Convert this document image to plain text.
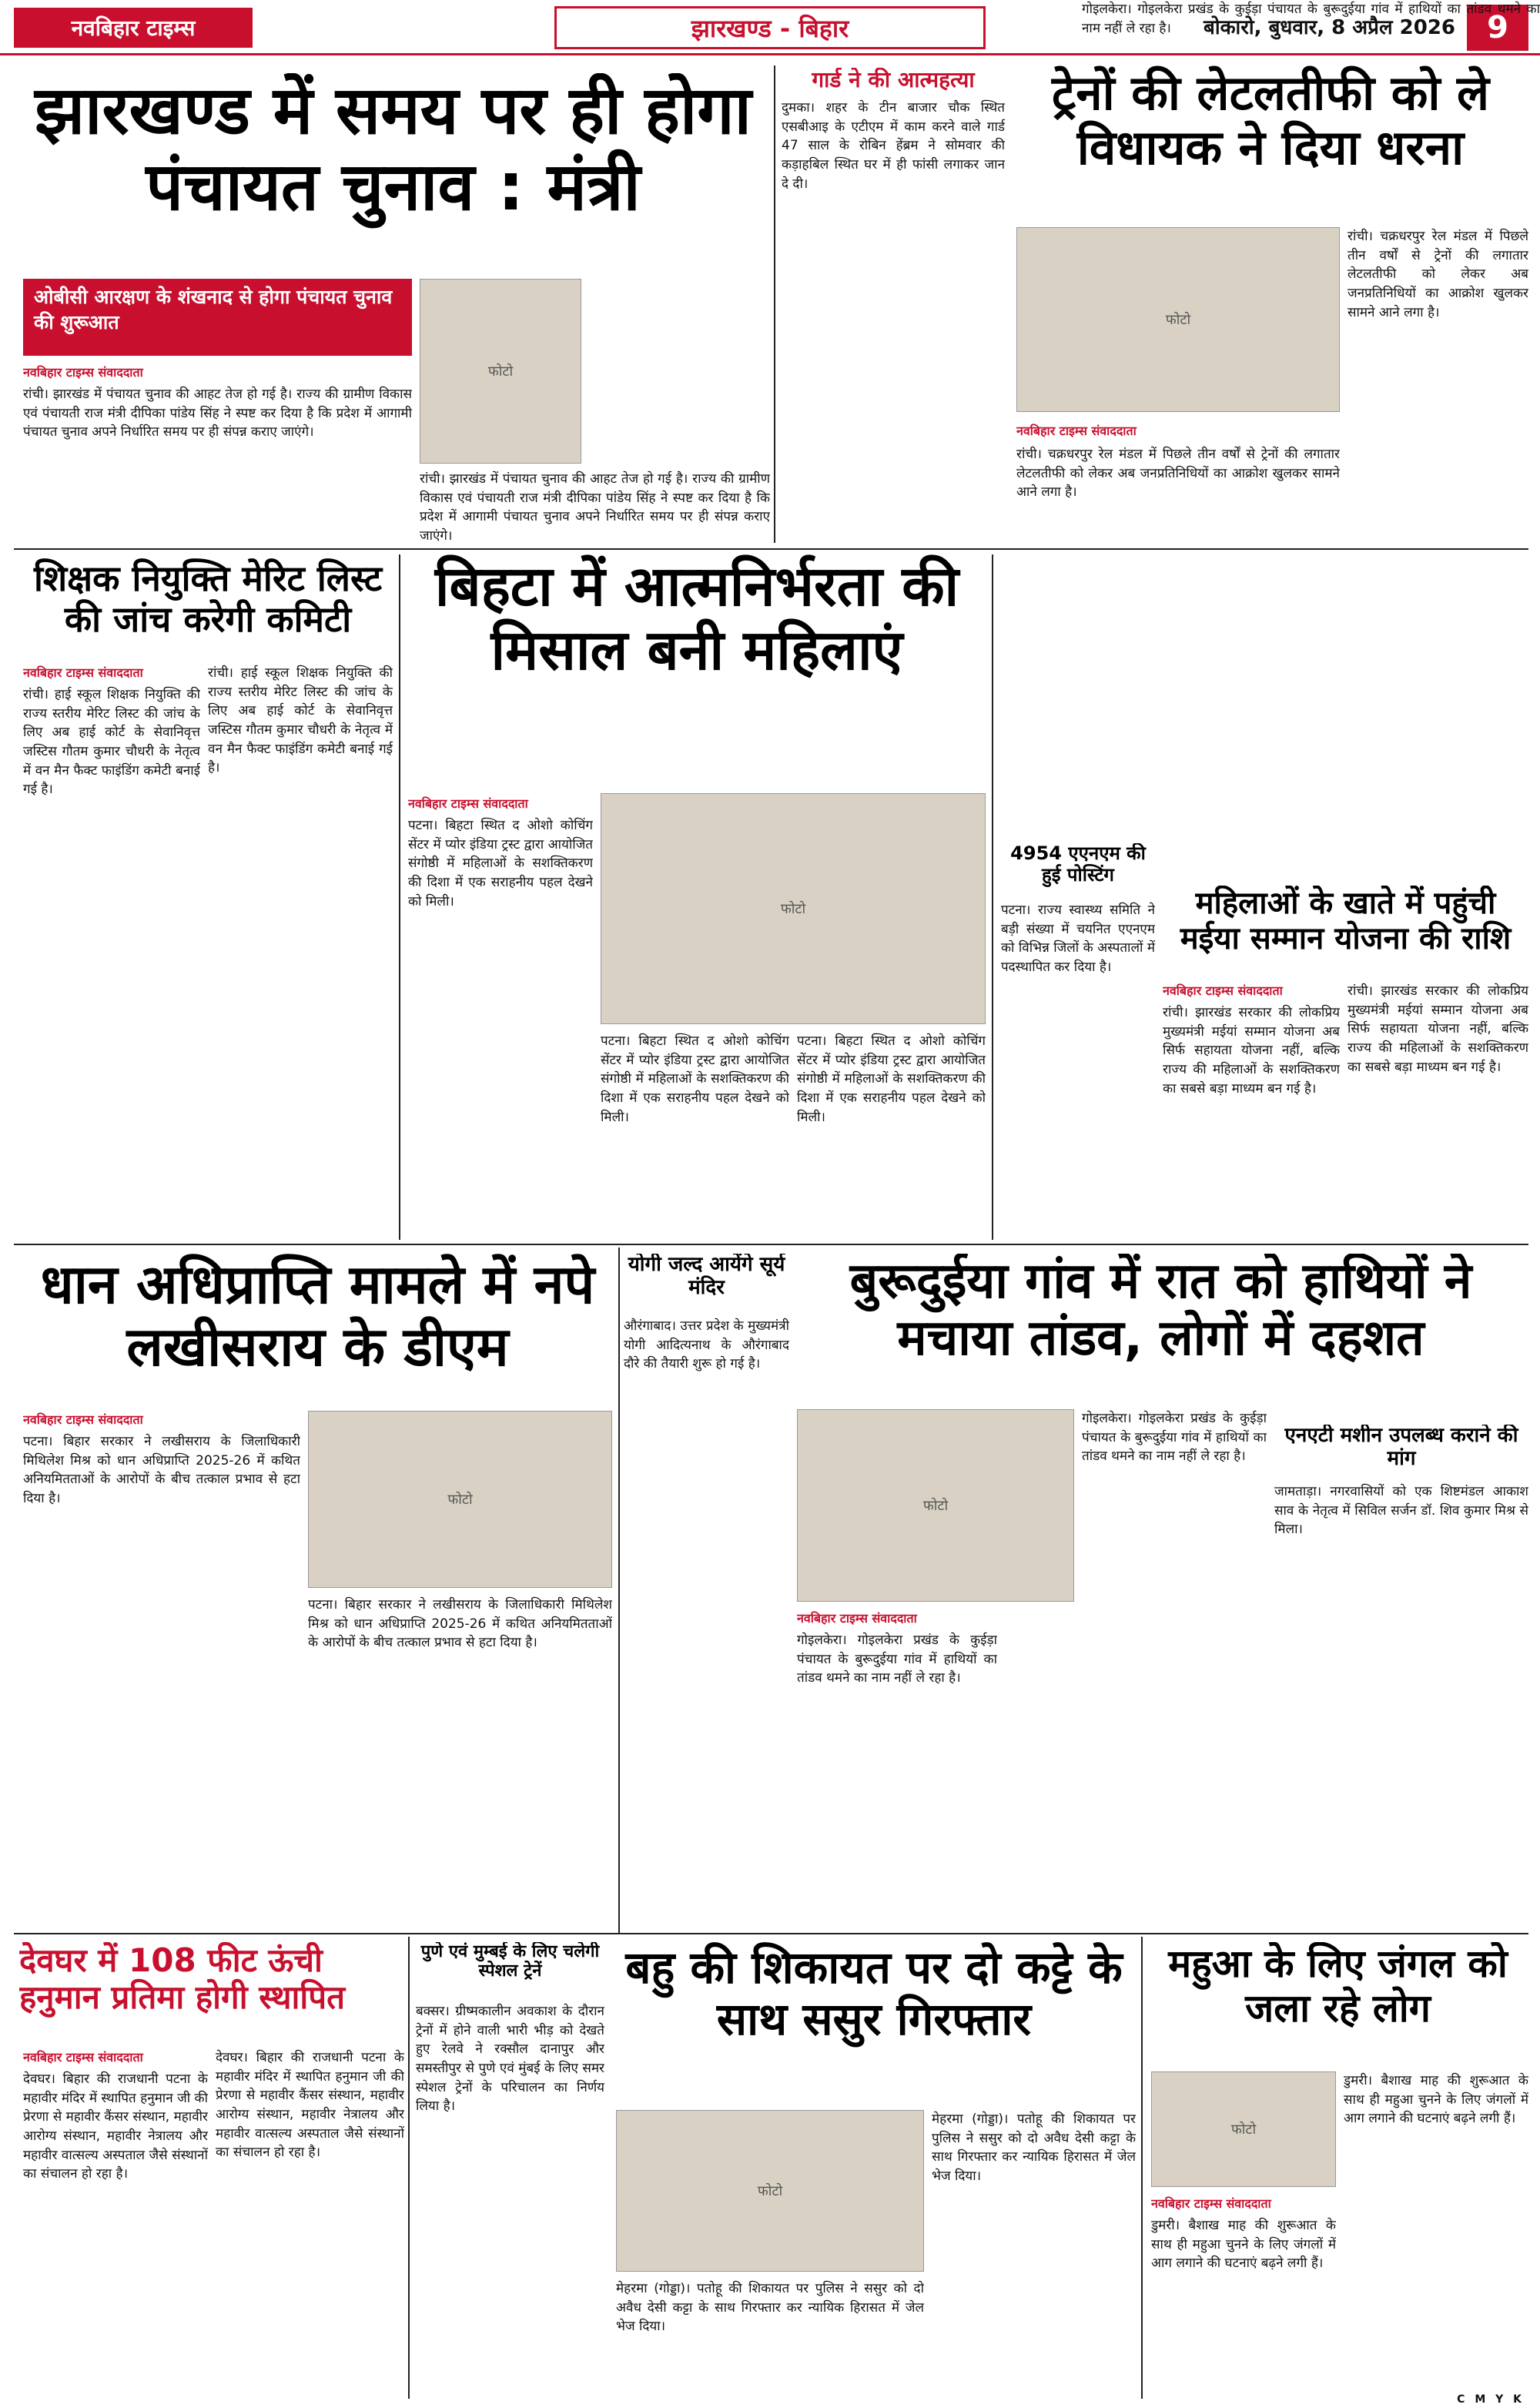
नवबिहार टाइम्स	झारखण्ड - बिहार	बोकारो, बुधवार, 8 अप्रैल 2026	9
झारखण्ड में समय पर ही होगा पंचायत चुनाव : मंत्री
ओबीसी आरक्षण के शंखनाद से होगा पंचायत चुनाव की शुरूआत
फोटो
नवबिहार टाइम्स संवाददाता
रांची। झारखंड में पंचायत चुनाव की आहट तेज हो गई है। राज्य की ग्रामीण विकास एवं पंचायती राज मंत्री दीपिका पांडेय सिंह ने स्पष्ट कर दिया है कि प्रदेश में आगामी पंचायत चुनाव अपने निर्धारित समय पर ही संपन्न कराए जाएंगे।
रांची। झारखंड में पंचायत चुनाव की आहट तेज हो गई है। राज्य की ग्रामीण विकास एवं पंचायती राज मंत्री दीपिका पांडेय सिंह ने स्पष्ट कर दिया है कि प्रदेश में आगामी पंचायत चुनाव अपने निर्धारित समय पर ही संपन्न कराए जाएंगे।
गार्ड ने की आत्महत्या
दुमका। शहर के टीन बाजार चौक स्थित एसबीआइ के एटीएम में काम करने वाले गार्ड 47 साल के रोबिन हेंब्रम ने सोमवार की कड़ाहबिल स्थित घर में ही फांसी लगाकर जान दे दी।
ट्रेनों की लेटलतीफी को ले विधायक ने दिया धरना
फोटो
नवबिहार टाइम्स संवाददाता
रांची। चक्रधरपुर रेल मंडल में पिछले तीन वर्षों से ट्रेनों की लगातार लेटलतीफी को लेकर अब जनप्रतिनिधियों का आक्रोश खुलकर सामने आने लगा है।
रांची। चक्रधरपुर रेल मंडल में पिछले तीन वर्षों से ट्रेनों की लगातार लेटलतीफी को लेकर अब जनप्रतिनिधियों का आक्रोश खुलकर सामने आने लगा है।
शिक्षक नियुक्ति मेरिट लिस्ट की जांच करेगी कमिटी
नवबिहार टाइम्स संवाददाता
रांची। हाई स्कूल शिक्षक नियुक्ति की राज्य स्तरीय मेरिट लिस्ट की जांच के लिए अब हाई कोर्ट के सेवानिवृत्त जस्टिस गौतम कुमार चौधरी के नेतृत्व में वन मैन फैक्ट फाइंडिंग कमेटी बनाई गई है।
रांची। हाई स्कूल शिक्षक नियुक्ति की राज्य स्तरीय मेरिट लिस्ट की जांच के लिए अब हाई कोर्ट के सेवानिवृत्त जस्टिस गौतम कुमार चौधरी के नेतृत्व में वन मैन फैक्ट फाइंडिंग कमेटी बनाई गई है।
बिहटा में आत्मनिर्भरता की मिसाल बनी महिलाएं
नवबिहार टाइम्स संवाददाता
पटना। बिहटा स्थित द ओशो कोचिंग सेंटर में प्योर इंडिया ट्रस्ट द्वारा आयोजित संगोष्ठी में महिलाओं के सशक्तिकरण की दिशा में एक सराहनीय पहल देखने को मिली।	फोटो
पटना। बिहटा स्थित द ओशो कोचिंग सेंटर में प्योर इंडिया ट्रस्ट द्वारा आयोजित संगोष्ठी में महिलाओं के सशक्तिकरण की दिशा में एक सराहनीय पहल देखने को मिली।
पटना। बिहटा स्थित द ओशो कोचिंग सेंटर में प्योर इंडिया ट्रस्ट द्वारा आयोजित संगोष्ठी में महिलाओं के सशक्तिकरण की दिशा में एक सराहनीय पहल देखने को मिली।
4954 एएनएम की हुई पोस्टिंग
पटना। राज्य स्वास्थ्य समिति ने बड़ी संख्या में चयनित एएनएम को विभिन्न जिलों के अस्पतालों में पदस्थापित कर दिया है।
महिलाओं के खाते में पहुंची मईया सम्मान योजना की राशि
नवबिहार टाइम्स संवाददाता
रांची। झारखंड सरकार की लोकप्रिय मुख्यमंत्री मईयां सम्मान योजना अब सिर्फ सहायता योजना नहीं, बल्कि राज्य की महिलाओं के सशक्तिकरण का सबसे बड़ा माध्यम बन गई है।
रांची। झारखंड सरकार की लोकप्रिय मुख्यमंत्री मईयां सम्मान योजना अब सिर्फ सहायता योजना नहीं, बल्कि राज्य की महिलाओं के सशक्तिकरण का सबसे बड़ा माध्यम बन गई है।
धान अधिप्राप्ति मामले में नपे लखीसराय के डीएम
नवबिहार टाइम्स संवाददाता
पटना। बिहार सरकार ने लखीसराय के जिलाधिकारी मिथिलेश मिश्र को धान अधिप्राप्ति 2025-26 में कथित अनियमितताओं के आरोपों के बीच तत्काल प्रभाव से हटा दिया है।	फोटो
पटना। बिहार सरकार ने लखीसराय के जिलाधिकारी मिथिलेश मिश्र को धान अधिप्राप्ति 2025-26 में कथित अनियमितताओं के आरोपों के बीच तत्काल प्रभाव से हटा दिया है।
योगी जल्द आयेंगे सूर्य मंदिर
औरंगाबाद। उत्तर प्रदेश के मुख्यमंत्री योगी आदित्यनाथ के औरंगाबाद दौरे की तैयारी शुरू हो गई है।
बुरूदुईया गांव में रात को हाथियों ने मचाया तांडव, लोगों में दहशत
फोटो
नवबिहार टाइम्स संवाददाता
गोइलकेरा। गोइलकेरा प्रखंड के कुईड़ा पंचायत के बुरूदुईया गांव में हाथियों का तांडव थमने का नाम नहीं ले रहा है।
गोइलकेरा। गोइलकेरा प्रखंड के कुईड़ा पंचायत के बुरूदुईया गांव में हाथियों का तांडव थमने का नाम नहीं ले रहा है।
गोइलकेरा। गोइलकेरा प्रखंड के कुईड़ा पंचायत के बुरूदुईया गांव में हाथियों का तांडव थमने का नाम नहीं ले रहा है।
एनएटी मशीन उपलब्ध कराने की मांग
जामताड़ा। नगरवासियों को एक शिष्टमंडल आकाश साव के नेतृत्व में सिविल सर्जन डॉ. शिव कुमार मिश्र से मिला।
देवघर में 108 फीट ऊंची हनुमान प्रतिमा होगी स्थापित
नवबिहार टाइम्स संवाददाता
देवघर। बिहार की राजधानी पटना के महावीर मंदिर में स्थापित हनुमान जी की प्रेरणा से महावीर कैंसर संस्थान, महावीर आरोग्य संस्थान, महावीर नेत्रालय और महावीर वात्सल्य अस्पताल जैसे संस्थानों का संचालन हो रहा है।
देवघर। बिहार की राजधानी पटना के महावीर मंदिर में स्थापित हनुमान जी की प्रेरणा से महावीर कैंसर संस्थान, महावीर आरोग्य संस्थान, महावीर नेत्रालय और महावीर वात्सल्य अस्पताल जैसे संस्थानों का संचालन हो रहा है।
पुणे एवं मुम्बई के लिए चलेगी स्पेशल ट्रेनें
बक्सर। ग्रीष्मकालीन अवकाश के दौरान ट्रेनों में होने वाली भारी भीड़ को देखते हुए रेलवे ने रक्सौल दानापुर और समस्तीपुर से पुणे एवं मुंबई के लिए समर स्पेशल ट्रेनों के परिचालन का निर्णय लिया है।
बहु की शिकायत पर दो कट्टे के साथ ससुर गिरफ्तार
फोटो
मेहरमा (गोड्डा)। पतोहू की शिकायत पर पुलिस ने ससुर को दो अवैध देसी कट्टा के साथ गिरफ्तार कर न्यायिक हिरासत में जेल भेज दिया।
मेहरमा (गोड्डा)। पतोहू की शिकायत पर पुलिस ने ससुर को दो अवैध देसी कट्टा के साथ गिरफ्तार कर न्यायिक हिरासत में जेल भेज दिया।
महुआ के लिए जंगल को जला रहे लोग
फोटो
नवबिहार टाइम्स संवाददाता
डुमरी। बैशाख माह की शुरूआत के साथ ही महुआ चुनने के लिए जंगलों में आग लगाने की घटनाएं बढ़ने लगी हैं।
डुमरी। बैशाख माह की शुरूआत के साथ ही महुआ चुनने के लिए जंगलों में आग लगाने की घटनाएं बढ़ने लगी हैं।
C M Y K
